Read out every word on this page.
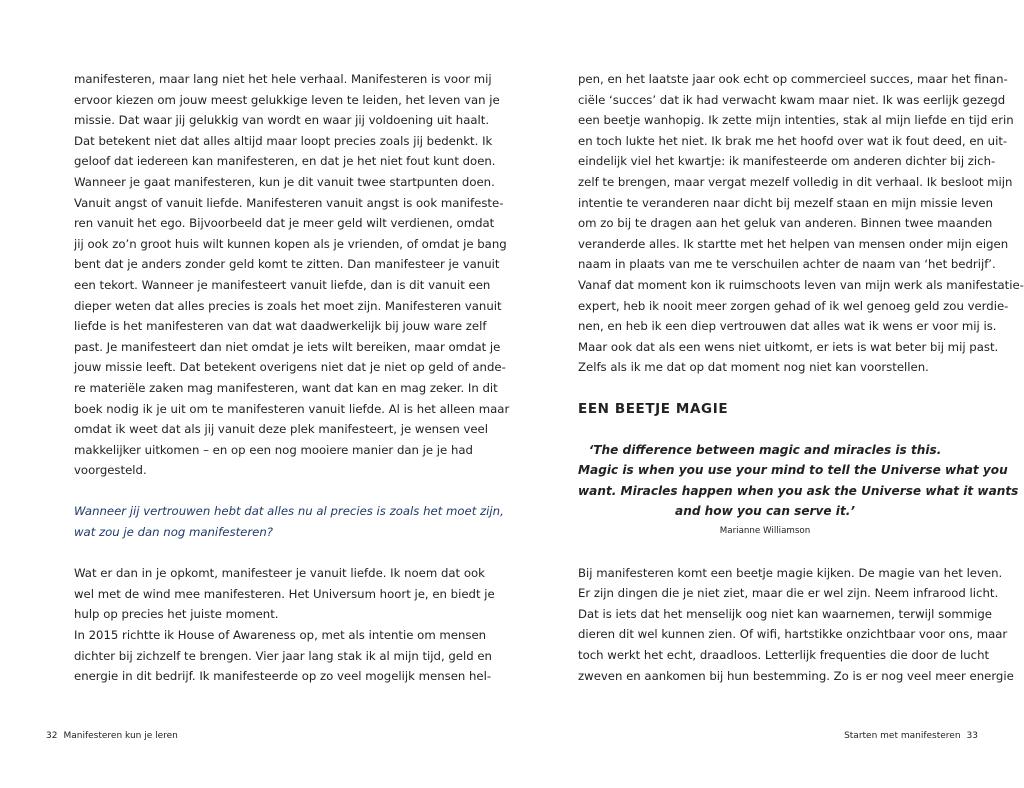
manifesteren, maar lang niet het hele verhaal. Manifesteren is voor mij
ervoor kiezen om jouw meest gelukkige leven te leiden, het leven van je
missie. Dat waar jij gelukkig van wordt en waar jij voldoening uit haalt.
Dat betekent niet dat alles altijd maar loopt precies zoals jij bedenkt. Ik
geloof dat iedereen kan manifesteren, en dat je het niet fout kunt doen.
Wanneer je gaat manifesteren, kun je dit vanuit twee startpunten doen.
Vanuit angst of vanuit liefde. Manifesteren vanuit angst is ook manifeste-
ren vanuit het ego. Bijvoorbeeld dat je meer geld wilt verdienen, omdat
jij ook zo’n groot huis wilt kunnen kopen als je vrienden, of omdat je bang
bent dat je anders zonder geld komt te zitten. Dan manifesteer je vanuit
een tekort. Wanneer je manifesteert vanuit liefde, dan is dit vanuit een
dieper weten dat alles precies is zoals het moet zijn. Manifesteren vanuit
liefde is het manifesteren van dat wat daadwerkelijk bij jouw ware zelf
past. Je manifesteert dan niet omdat je iets wilt bereiken, maar omdat je
jouw missie leeft. Dat betekent overigens niet dat je niet op geld of ande-
re materiële zaken mag manifesteren, want dat kan en mag zeker. In dit
boek nodig ik je uit om te manifesteren vanuit liefde. Al is het alleen maar
omdat ik weet dat als jij vanuit deze plek manifesteert, je wensen veel
makkelijker uitkomen – en op een nog mooiere manier dan je je had
voorgesteld.
Wanneer jij vertrouwen hebt dat alles nu al precies is zoals het moet zijn,
wat zou je dan nog manifesteren?
Wat er dan in je opkomt, manifesteer je vanuit liefde. Ik noem dat ook
wel met de wind mee manifesteren. Het Universum hoort je, en biedt je
hulp op precies het juiste moment.
In 2015 richtte ik House of Awareness op, met als intentie om mensen
dichter bij zichzelf te brengen. Vier jaar lang stak ik al mijn tijd, geld en
energie in dit bedrijf. Ik manifesteerde op zo veel mogelijk mensen hel-
32 Manifesteren kun je leren
pen, en het laatste jaar ook echt op commercieel succes, maar het finan-
ciële ‘succes’ dat ik had verwacht kwam maar niet. Ik was eerlijk gezegd
een beetje wanhopig. Ik zette mijn intenties, stak al mijn liefde en tijd erin
en toch lukte het niet. Ik brak me het hoofd over wat ik fout deed, en uit-
eindelijk viel het kwartje: ik manifesteerde om anderen dichter bij zich-
zelf te brengen, maar vergat mezelf volledig in dit verhaal. Ik besloot mijn
intentie te veranderen naar dicht bij mezelf staan en mijn missie leven
om zo bij te dragen aan het geluk van anderen. Binnen twee maanden
veranderde alles. Ik startte met het helpen van mensen onder mijn eigen
naam in plaats van me te verschuilen achter de naam van ‘het bedrijf’.
Vanaf dat moment kon ik ruimschoots leven van mijn werk als manifestatie-
expert, heb ik nooit meer zorgen gehad of ik wel genoeg geld zou verdie-
nen, en heb ik een diep vertrouwen dat alles wat ik wens er voor mij is.
Maar ook dat als een wens niet uitkomt, er iets is wat beter bij mij past.
Zelfs als ik me dat op dat moment nog niet kan voorstellen.
EEN BEETJE MAGIE
‘The difference between magic and miracles is this.
Magic is when you use your mind to tell the Universe what you
want. Miracles happen when you ask the Universe what it wants
and how you can serve it.’
Marianne Williamson
Bij manifesteren komt een beetje magie kijken. De magie van het leven.
Er zijn dingen die je niet ziet, maar die er wel zijn. Neem infrarood licht.
Dat is iets dat het menselijk oog niet kan waarnemen, terwijl sommige
dieren dit wel kunnen zien. Of wifi, hartstikke onzichtbaar voor ons, maar
toch werkt het echt, draadloos. Letterlijk frequenties die door de lucht
zweven en aankomen bij hun bestemming. Zo is er nog veel meer energie
Starten met manifesteren 33
